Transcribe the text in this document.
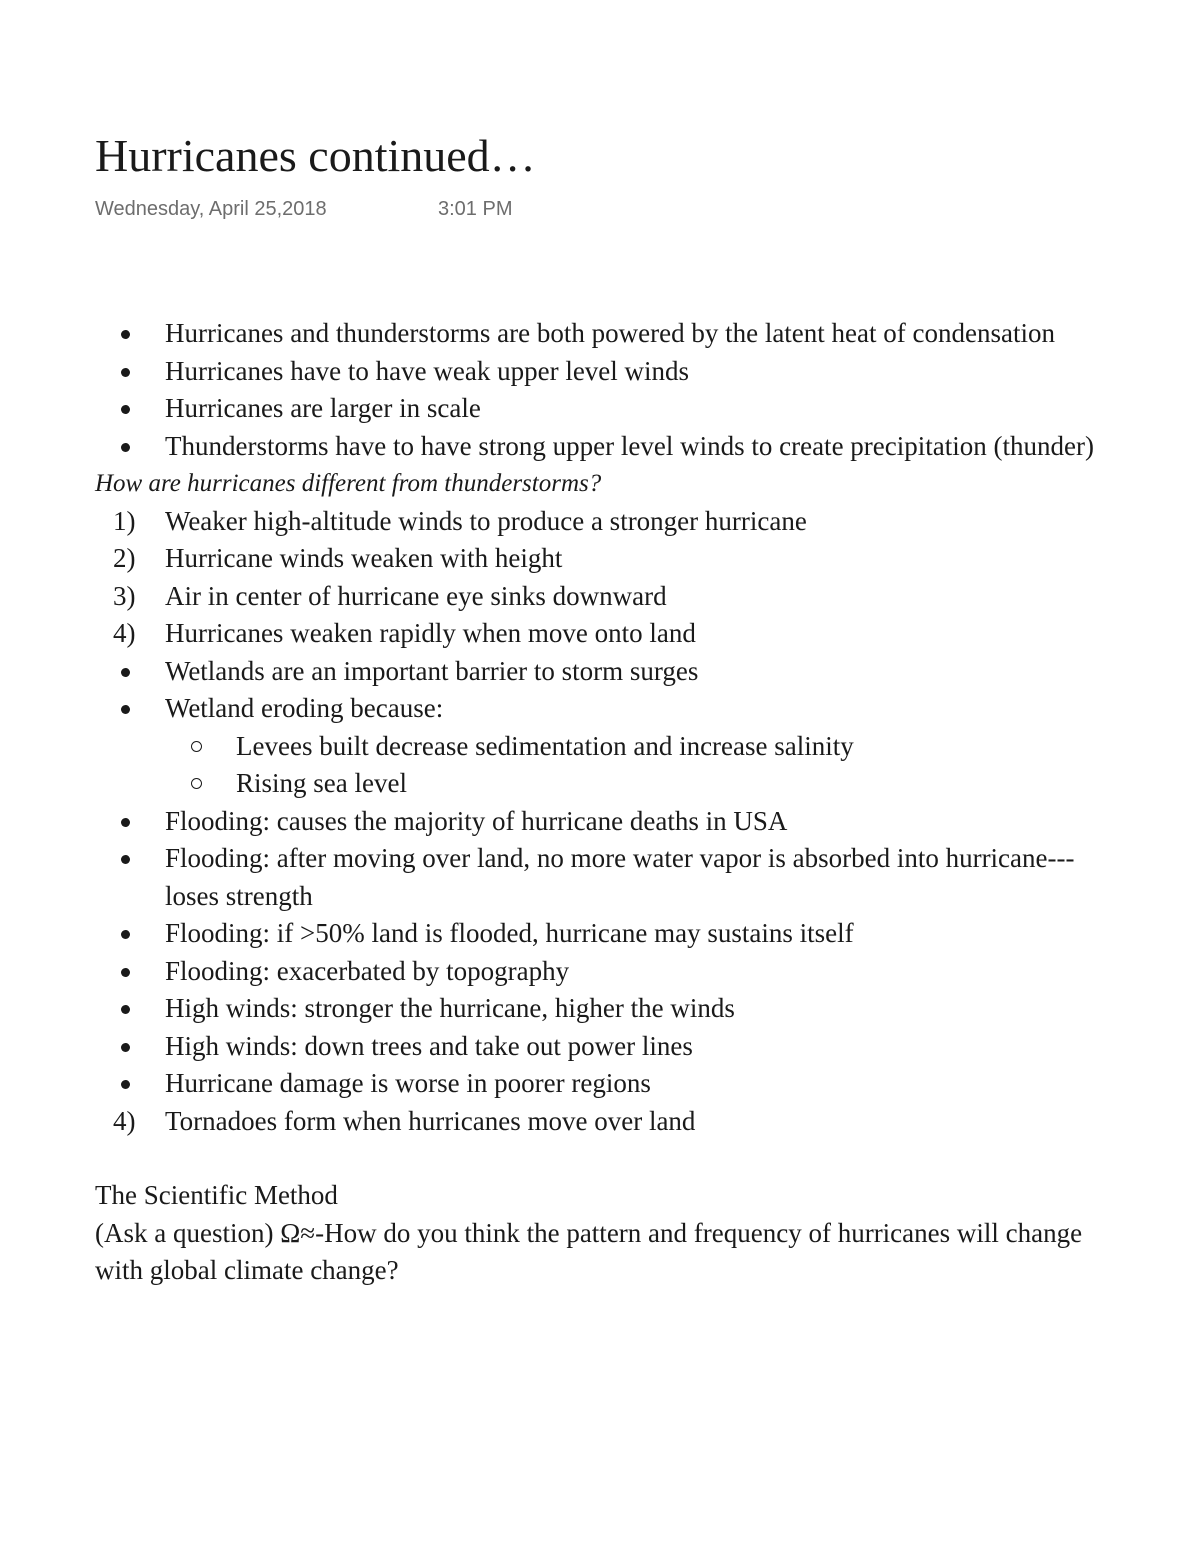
Hurricanes continued…
Wednesday, April 25,2018	3:01 PM
Hurricanes and thunderstorms are both powered by the latent heat of condensation
Hurricanes have to have weak upper level winds
Hurricanes are larger in scale
Thunderstorms have to have strong upper level winds to create precipitation (thunder)
How are hurricanes different from thunderstorms?
1) Weaker high-altitude winds to produce a stronger hurricane
2) Hurricane winds weaken with height
3) Air in center of hurricane eye sinks downward
4) Hurricanes weaken rapidly when move onto land
Wetlands are an important barrier to storm surges
Wetland eroding because:
Levees built decrease sedimentation and increase salinity
Rising sea level
Flooding: causes the majority of hurricane deaths in USA
Flooding: after moving over land, no more water vapor is absorbed into hurricane--- loses strength
Flooding: if >50% land is flooded, hurricane may sustains itself
Flooding: exacerbated by topography
High winds: stronger the hurricane, higher the winds
High winds: down trees and take out power lines
Hurricane damage is worse in poorer regions
4) Tornadoes form when hurricanes move over land
The Scientific Method
(Ask a question) Ω≈-How do you think the pattern and frequency of hurricanes will change with global climate change?
